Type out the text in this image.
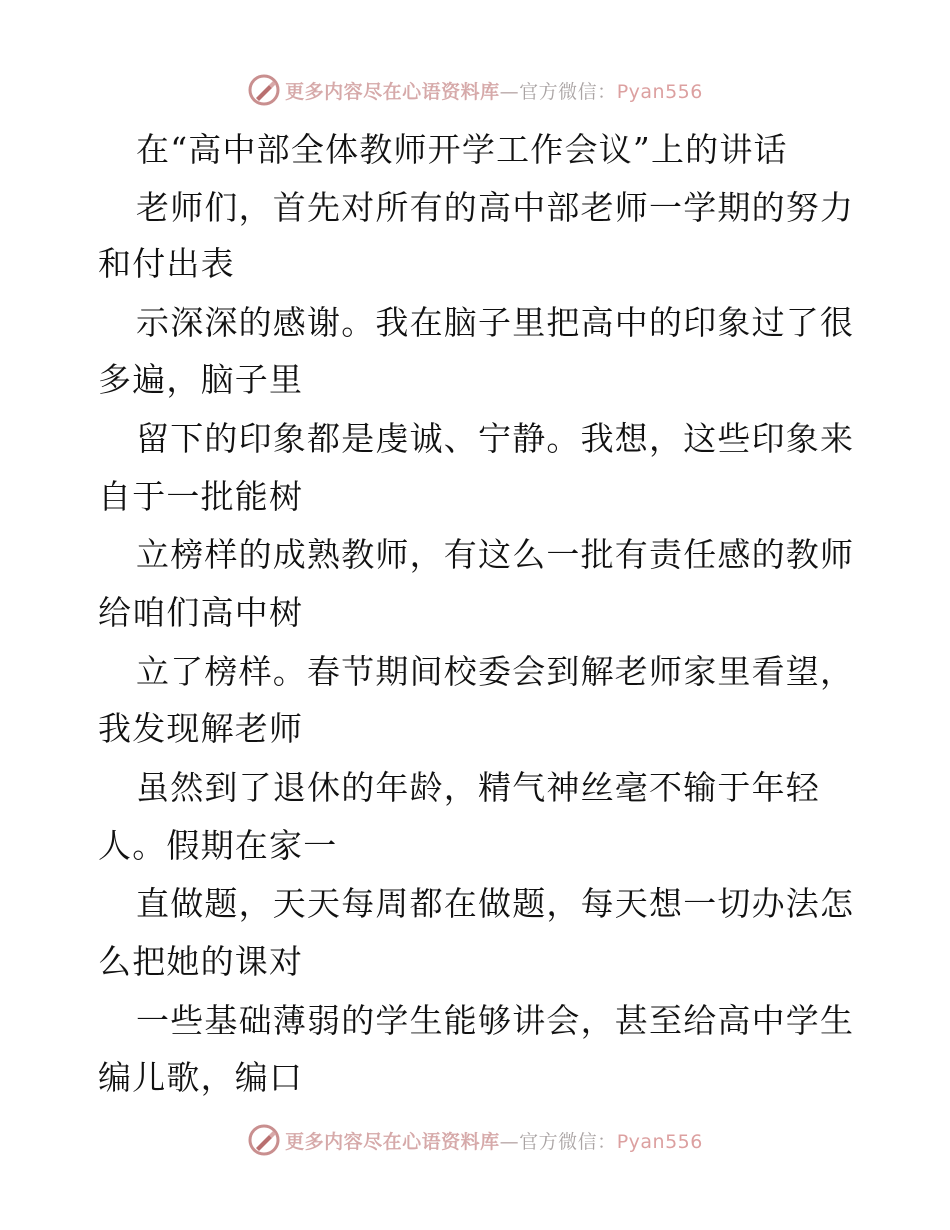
更多内容尽在心语资料库—官方微信：Pyan556
在“高中部全体教师开学工作会议”上的讲话
老师们，首先对所有的高中部老师一学期的努力
和付出表
示深深的感谢。我在脑子里把高中的印象过了很
多遍，脑子里
留下的印象都是虔诚、宁静。我想，这些印象来
自于一批能树
立榜样的成熟教师，有这么一批有责任感的教师
给咱们高中树
立了榜样。春节期间校委会到解老师家里看望，
我发现解老师
虽然到了退休的年龄，精气神丝毫不输于年轻
人。假期在家一
直做题，天天每周都在做题，每天想一切办法怎
么把她的课对
一些基础薄弱的学生能够讲会，甚至给高中学生
编儿歌，编口
更多内容尽在心语资料库—官方微信：Pyan556
